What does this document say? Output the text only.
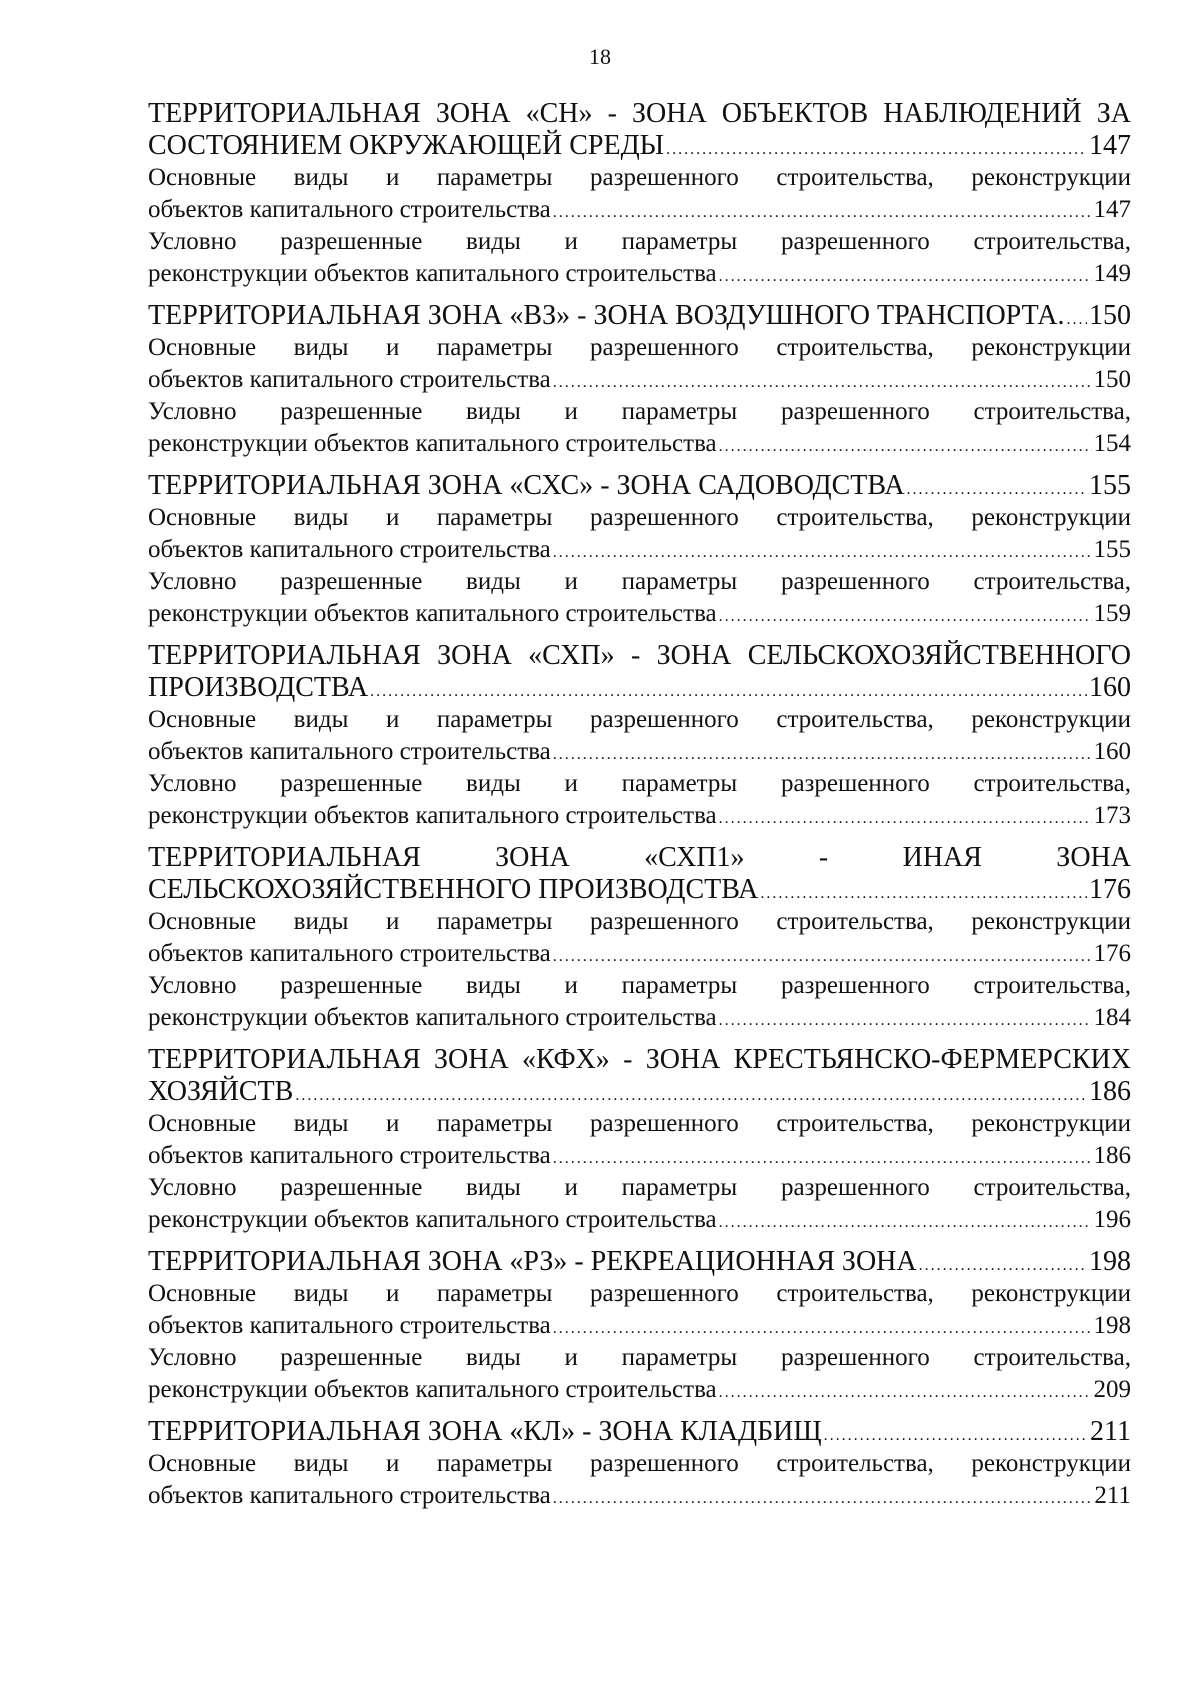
18
ТЕРРИТОРИАЛЬНАЯ ЗОНА «СН» - ЗОНА ОБЪЕКТОВ НАБЛЮДЕНИЙ ЗА
СОСТОЯНИЕМ ОКРУЖАЮЩЕЙ СРЕДЫ .....	147
Основные виды и параметры разрешенного строительства, реконструкции
объектов капитального строительства .....	147
Условно разрешенные виды и параметры разрешенного строительства,
реконструкции объектов капитального строительства .....	149
ТЕРРИТОРИАЛЬНАЯ ЗОНА «ВЗ» - ЗОНА ВОЗДУШНОГО ТРАНСПОРТА. ..... 150
Основные виды и параметры разрешенного строительства, реконструкции
объектов капитального строительства .....	150
Условно разрешенные виды и параметры разрешенного строительства,
реконструкции объектов капитального строительства .....	154
ТЕРРИТОРИАЛЬНАЯ ЗОНА «СХС» - ЗОНА САДОВОДСТВА .....	155
Основные виды и параметры разрешенного строительства, реконструкции
объектов капитального строительства .....	155
Условно разрешенные виды и параметры разрешенного строительства,
реконструкции объектов капитального строительства .....	159
ТЕРРИТОРИАЛЬНАЯ ЗОНА «СХП» - ЗОНА СЕЛЬСКОХОЗЯЙСТВЕННОГО
ПРОИЗВОДСТВА .....	160
Основные виды и параметры разрешенного строительства, реконструкции
объектов капитального строительства .....	160
Условно разрешенные виды и параметры разрешенного строительства,
реконструкции объектов капитального строительства .....	173
ТЕРРИТОРИАЛЬНАЯ ЗОНА «СХП1» - ИНАЯ ЗОНА
СЕЛЬСКОХОЗЯЙСТВЕННОГО ПРОИЗВОДСТВА .....	176
Основные виды и параметры разрешенного строительства, реконструкции
объектов капитального строительства .....	176
Условно разрешенные виды и параметры разрешенного строительства,
реконструкции объектов капитального строительства .....	184
ТЕРРИТОРИАЛЬНАЯ ЗОНА «КФХ» - ЗОНА КРЕСТЬЯНСКО-ФЕРМЕРСКИХ
ХОЗЯЙСТВ .....	186
Основные виды и параметры разрешенного строительства, реконструкции
объектов капитального строительства .....	186
Условно разрешенные виды и параметры разрешенного строительства,
реконструкции объектов капитального строительства .....	196
ТЕРРИТОРИАЛЬНАЯ ЗОНА «РЗ» - РЕКРЕАЦИОННАЯ ЗОНА .....	198
Основные виды и параметры разрешенного строительства, реконструкции
объектов капитального строительства .....	198
Условно разрешенные виды и параметры разрешенного строительства,
реконструкции объектов капитального строительства .....	209
ТЕРРИТОРИАЛЬНАЯ ЗОНА «КЛ» - ЗОНА КЛАДБИЩ .....	211
Основные виды и параметры разрешенного строительства, реконструкции
объектов капитального строительства .....	211
